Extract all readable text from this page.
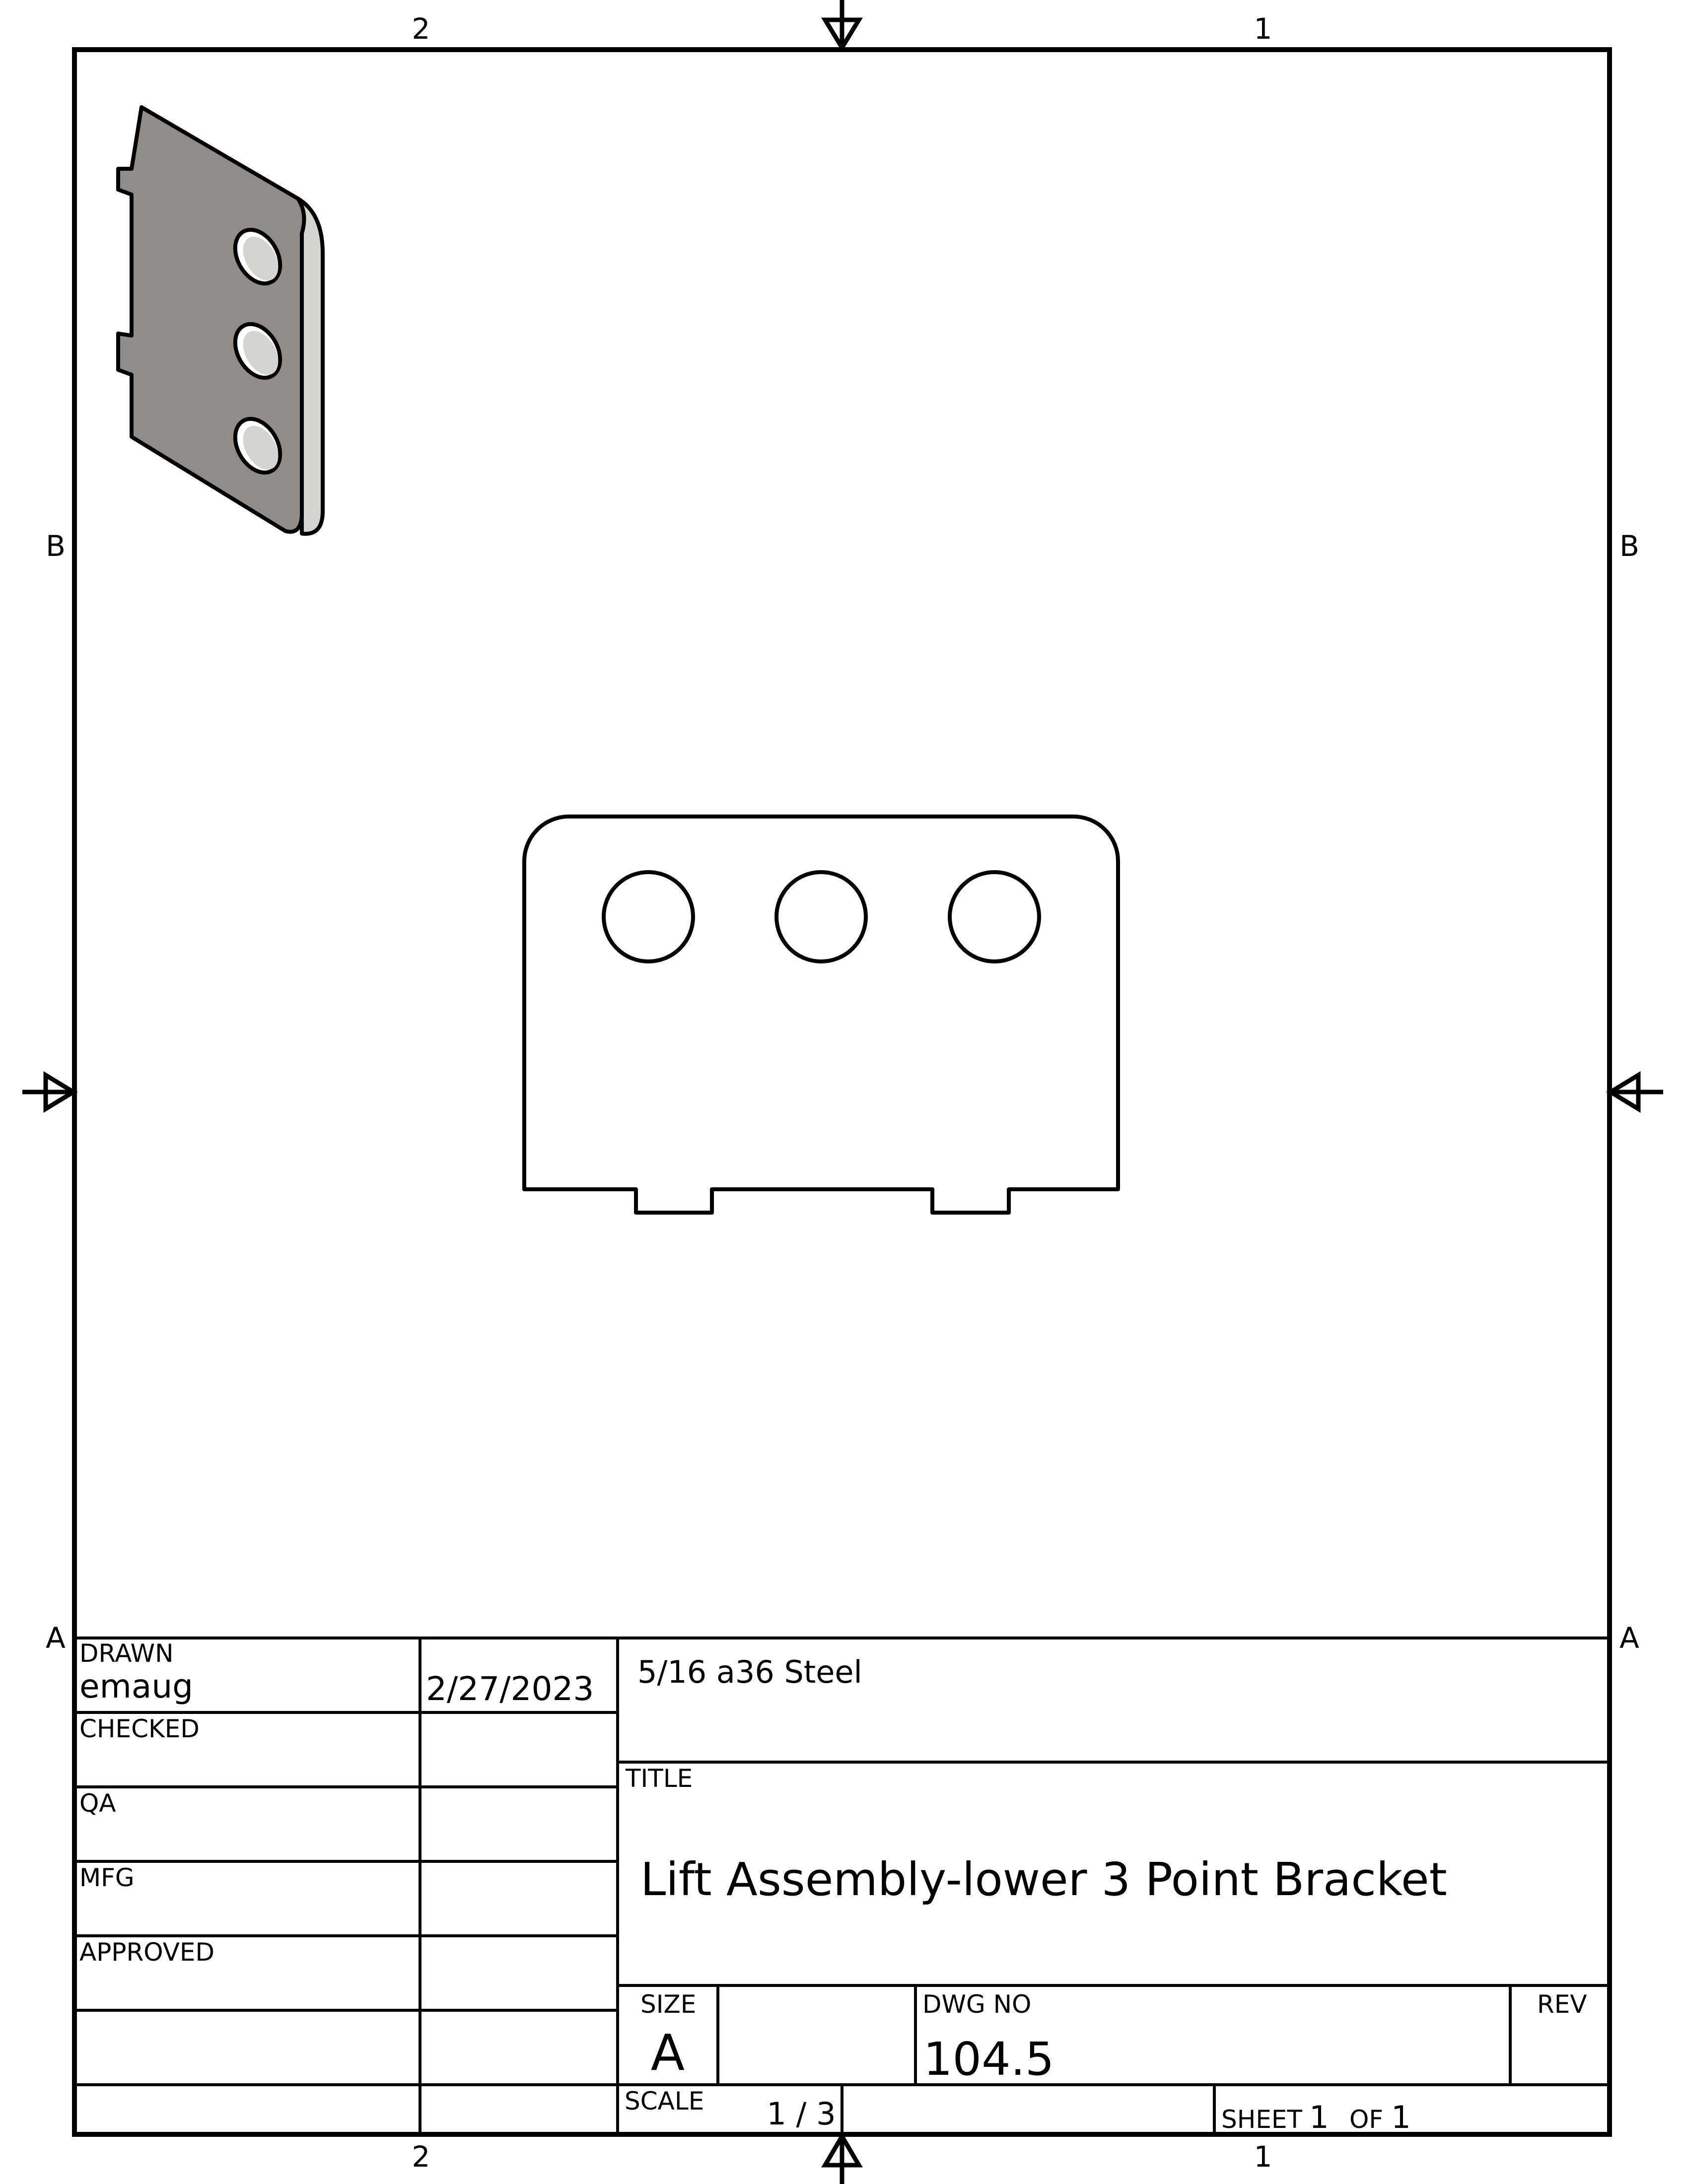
2	1
2	1
B
A
B
A
DRAWN
emaug	2/27/2023
CHECKED
QA
MFG
APPROVED
5/16 a36 Steel
TITLE
Lift Assembly-lower 3 Point Bracket
SIZE
A
DWG NO
104.5
REV
SCALE 1 / 3	SHEET 1 OF 1
